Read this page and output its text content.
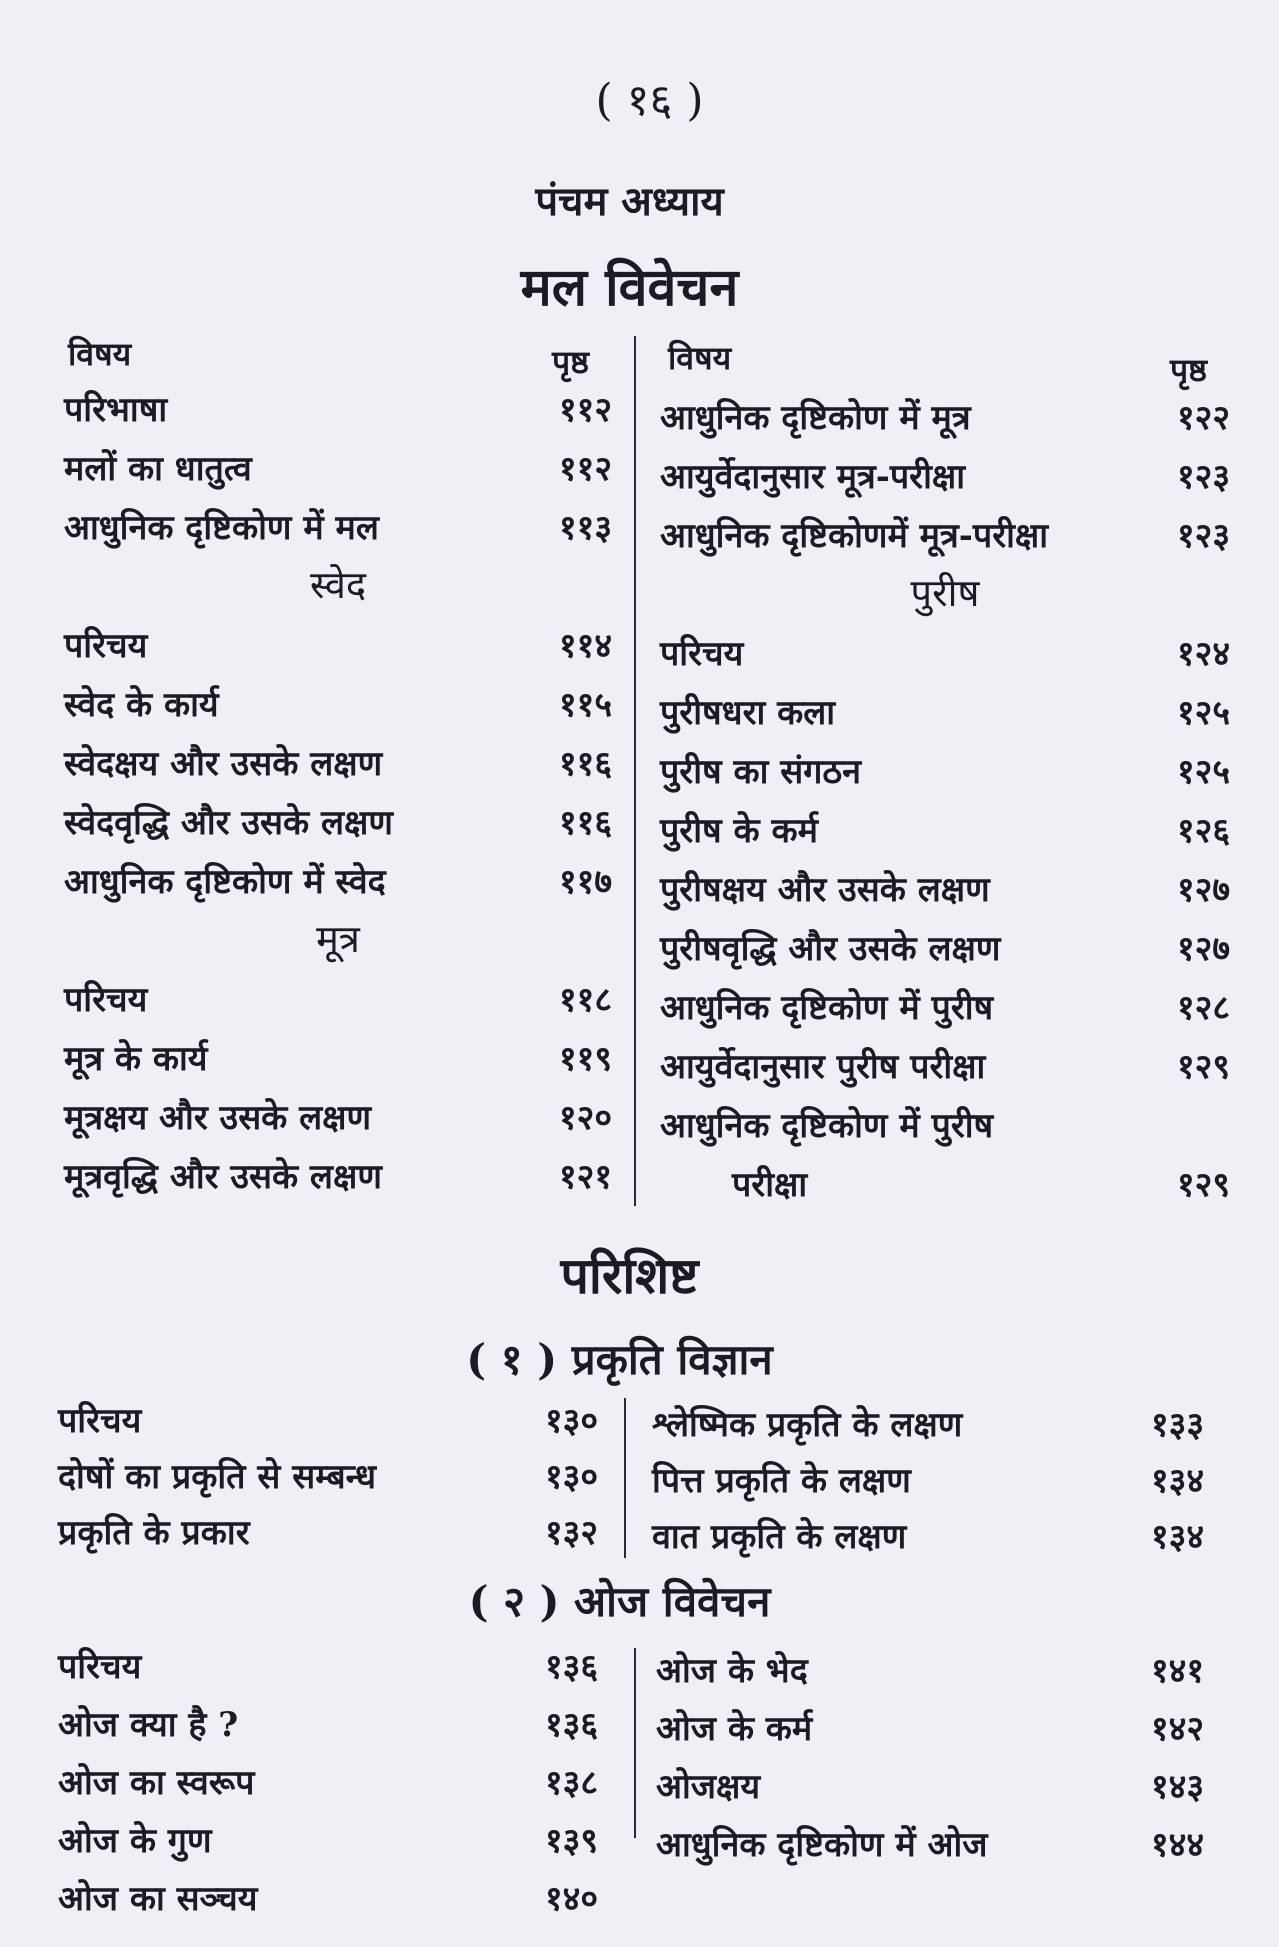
( १६ )
पंचम अध्याय
मल विवेचन
विषय	पृष्ठ विषय	पृष्ठ
परिभाषा	११२
मलों का धातुत्व	११२
आधुनिक दृष्टिकोण में मल	११३
स्वेद
परिचय	११४
स्वेद के कार्य	११५
स्वेदक्षय और उसके लक्षण	११६
स्वेदवृद्धि और उसके लक्षण	११६
आधुनिक दृष्टिकोण में स्वेद	११७
मूत्र
परिचय	११८
मूत्र के कार्य	११९
मूत्रक्षय और उसके लक्षण	१२०
मूत्रवृद्धि और उसके लक्षण	१२१
आधुनिक दृष्टिकोण में मूत्र	१२२
आयुर्वेदानुसार मूत्र-परीक्षा	१२३
आधुनिक दृष्टिकोणमें मूत्र-परीक्षा	१२३
पुरीष
परिचय	१२४
पुरीषधरा कला	१२५
पुरीष का संगठन	१२५
पुरीष के कर्म	१२६
पुरीषक्षय और उसके लक्षण	१२७
पुरीषवृद्धि और उसके लक्षण	१२७
आधुनिक दृष्टिकोण में पुरीष	१२८
आयुर्वेदानुसार पुरीष परीक्षा	१२९
आधुनिक दृष्टिकोण में पुरीष
परीक्षा	१२९
परिशिष्ट
( १ ) प्रकृति विज्ञान
परिचय	१३०
दोषों का प्रकृति से सम्बन्ध	१३०
प्रकृति के प्रकार	१३२
श्लेष्मिक प्रकृति के लक्षण	१३३
पित्त प्रकृति के लक्षण	१३४
वात प्रकृति के लक्षण	१३४
( २ ) ओज विवेचन
परिचय	१३६
ओज क्या है ?	१३६
ओज का स्वरूप	१३८
ओज के गुण	१३९
ओज का सञ्चय	१४०
ओज के भेद	१४१
ओज के कर्म	१४२
ओजक्षय	१४३
आधुनिक दृष्टिकोण में ओज	१४४
